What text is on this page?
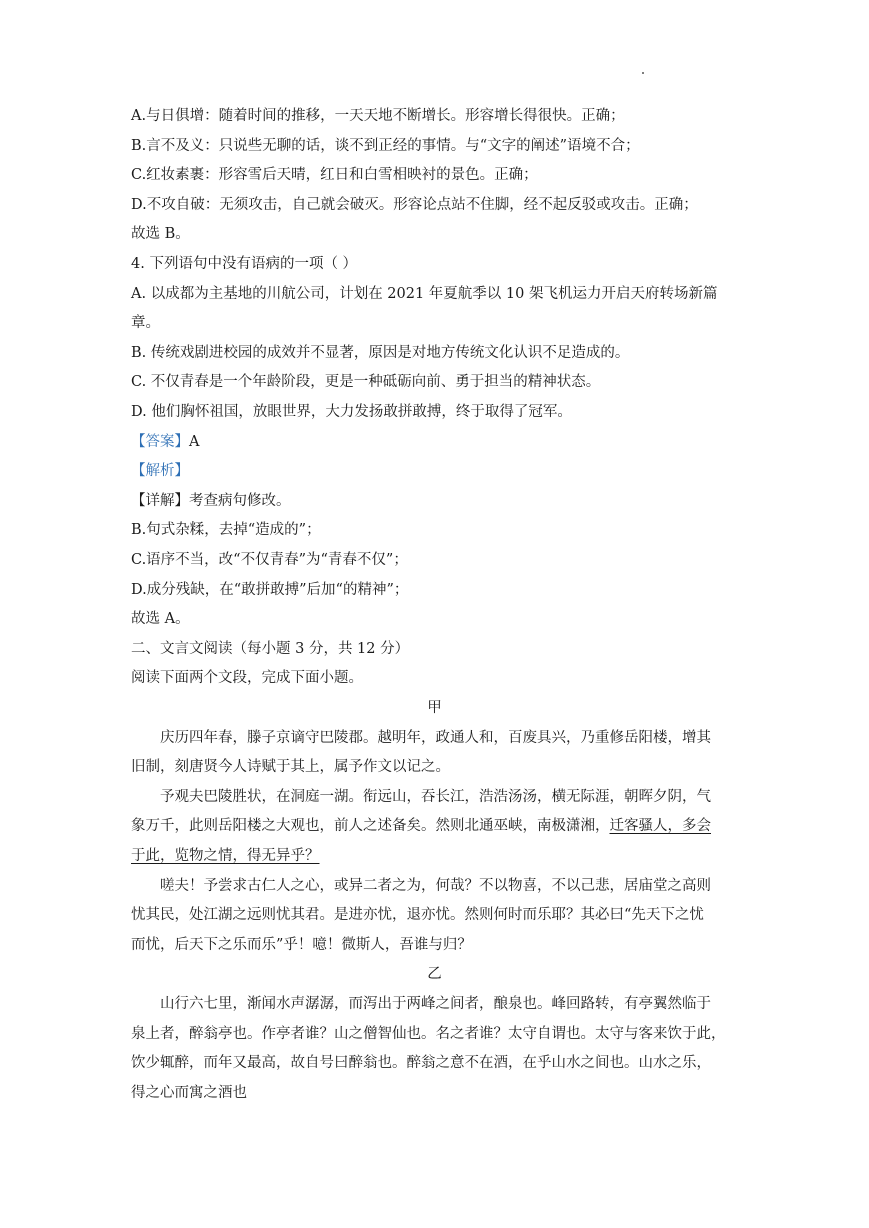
A.与日俱增：随着时间的推移，一天天地不断增长。形容增长得很快。正确；
B.言不及义：只说些无聊的话，谈不到正经的事情。与“文字的阐述”语境不合；
C.红妆素裹：形容雪后天晴，红日和白雪相映衬的景色。正确；
D.不攻自破：无须攻击，自己就会破灭。形容论点站不住脚，经不起反驳或攻击。正确；
故选 B。
4. 下列语句中没有语病的一项（ ）
A. 以成都为主基地的川航公司，计划在 2021 年夏航季以 10 架飞机运力开启天府转场新篇
章。
B. 传统戏剧进校园的成效并不显著，原因是对地方传统文化认识不足造成的。
C. 不仅青春是一个年龄阶段，更是一种砥砺向前、勇于担当的精神状态。
D. 他们胸怀祖国，放眼世界，大力发扬敢拼敢搏，终于取得了冠军。
【答案】A
【解析】
【详解】考查病句修改。
B.句式杂糅，去掉“造成的”；
C.语序不当，改“不仅青春”为“青春不仅”；
D.成分残缺，在“敢拼敢搏”后加“的精神”；
故选 A。
二、文言文阅读（每小题 3 分，共 12 分）
阅读下面两个文段，完成下面小题。
甲
庆历四年春，滕子京谪守巴陵郡。越明年，政通人和，百废具兴，乃重修岳阳楼，增其
旧制，刻唐贤今人诗赋于其上，属予作文以记之。
予观夫巴陵胜状，在洞庭一湖。衔远山，吞长江，浩浩汤汤，横无际涯，朝晖夕阴，气
象万千，此则岳阳楼之大观也，前人之述备矣。然则北通巫峡，南极潇湘，迁客骚人，多会
于此，览物之情，得无异乎？
嗟夫！予尝求古仁人之心，或异二者之为，何哉？不以物喜，不以己悲，居庙堂之高则
忧其民，处江湖之远则忧其君。是进亦忧，退亦忧。然则何时而乐耶？其必曰“先天下之忧
而忧，后天下之乐而乐”乎！噫！微斯人，吾谁与归？
乙
山行六七里，渐闻水声潺潺，而泻出于两峰之间者，酿泉也。峰回路转，有亭翼然临于
泉上者，醉翁亭也。作亭者谁？山之僧智仙也。名之者谁？太守自谓也。太守与客来饮于此，
饮少辄醉，而年又最高，故自号曰醉翁也。醉翁之意不在酒，在乎山水之间也。山水之乐，
得之心而寓之酒也
